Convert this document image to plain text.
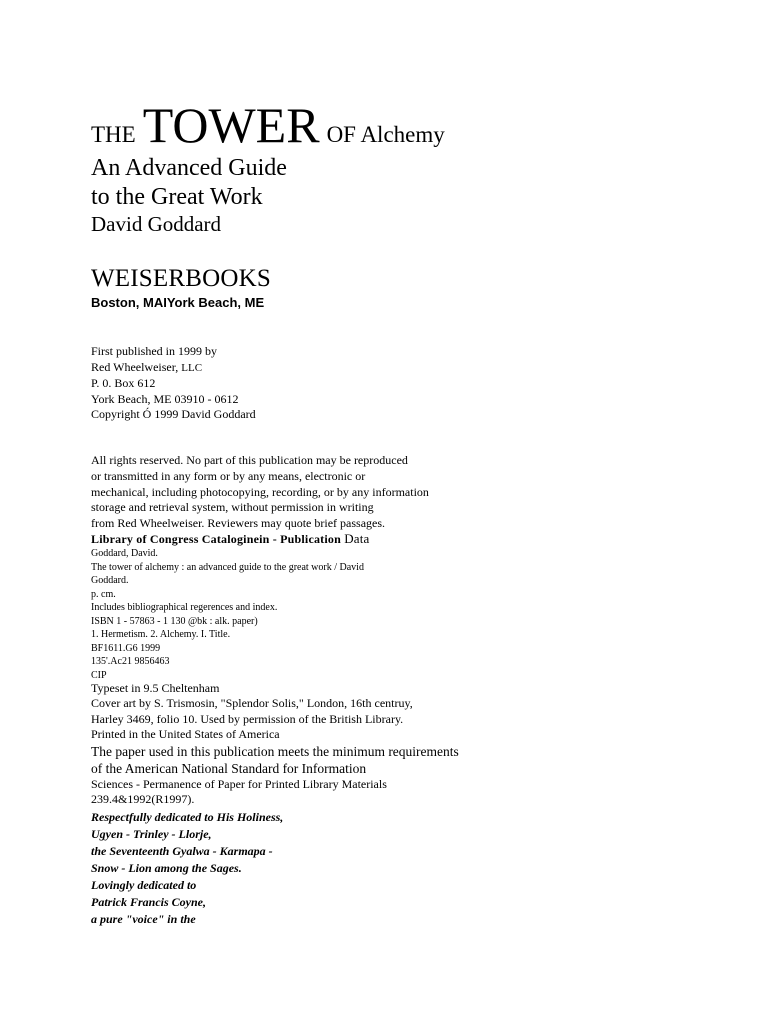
THE TOWER OF Alchemy
An Advanced Guide
to the Great Work
David Goddard
WEISERBOOKS
Boston, MAIYork Beach, ME
First published in 1999 by
Red Wheelweiser, LLC
P. 0. Box 612
York Beach, ME 03910 - 0612
Copyright Ó 1999 David Goddard
All rights reserved. No part of this publication may be reproduced
or transmitted in any form or by any means, electronic or
mechanical, including photocopying, recording, or by any information
storage and retrieval system, without permission in writing
from Red Wheelweiser. Reviewers may quote brief passages.
Library of Congress Cataloginein - Publication Data
Goddard, David.
The tower of alchemy : an advanced guide to the great work / David
Goddard.
p. cm.
Includes bibliographical regerences and index.
ISBN 1 - 57863 - 1 130 @bk : alk. paper)
1. Hermetism. 2. Alchemy. I. Title.
BF1611.G6 1999
135'.Ac21 9856463
CIP
Typeset in 9.5 Cheltenham
Cover art by S. Trismosin, "Splendor Solis," London, 16th centruy,
Harley 3469, folio 10. Used by permission of the British Library.
Printed in the United States of America
The paper used in this publication meets the minimum requirements
of the American National Standard for Information
Sciences - Permanence of Paper for Printed Library Materials
239.4&1992(R1997).
Respectfully dedicated to His Holiness,
Ugyen - Trinley - Llorje,
the Seventeenth Gyalwa - Karmapa -
Snow - Lion among the Sages.
Lovingly dedicated to
Patrick Francis Coyne,
a pure "voice" in the
